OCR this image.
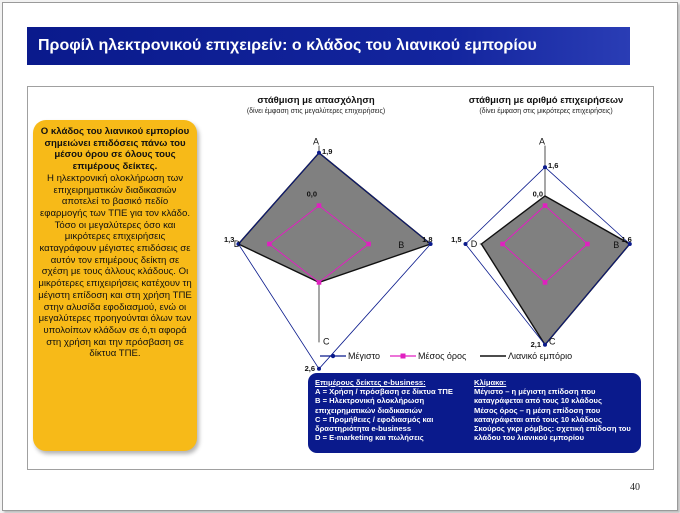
Προφίλ ηλεκτρονικού επιχειρείν: ο κλάδος του λιανικού εμπορίου
Ο κλάδος του λιανικού εμπορίου σημειώνει επιδόσεις πάνω του μέσου όρου σε όλους τους επιμέρους δείκτες.
Η ηλεκτρονική ολοκλήρωση των επιχειρηματικών διαδικασιών αποτελεί το βασικό πεδίο εφαρμογής των ΤΠΕ για τον κλάδο. Τόσο οι μεγαλύτερες όσο και μικρότερες επιχειρήσεις καταγράφουν μέγιστες επιδόσεις σε αυτόν τον επιμέρους δείκτη σε σχέση με τους άλλους κλάδους. Οι μικρότερες επιχειρήσεις κατέχουν τη μέγιστη επίδοση και στη χρήση ΤΠΕ στην αλυσίδα εφοδιασμού, ενώ οι μεγαλύτερες προηγούνται όλων των υπολοίπων κλάδων σε ό,τι αφορά στη χρήση και την πρόσβαση σε δίκτυα ΤΠΕ.
στάθμιση με απασχόληση
(δίνει έμφαση στις μεγαλύτερες επιχειρήσεις)
στάθμιση με αριθμό επιχειρήσεων
(δίνει έμφαση στις μικρότερες επιχειρήσεις)
A
B
C
D
1,9
1,8
2,6
1,3
0,0
A
B
C
D
1,6
1,6
2,1
1,5
0,0
Μέγιστο	Μέσος όρος	Λιανικό εμπόριο
Επιμέρους δείκτες e-business:
Α = Χρήση / πρόσβαση σε δίκτυα ΤΠΕ
Β = Ηλεκτρονική ολοκλήρωση επιχειρηματικών διαδικασιών
C = Προμήθειες / εφοδιασμός και δραστηριότητα e-business
D = E-marketing και πωλήσεις
Κλίμακα:
Μέγιστο – η μέγιστη επίδοση που καταγράφεται από τους 10 κλάδους
Μέσος όρος – η μέση επίδοση που καταγράφεται από τους 10 κλάδους
Σκούρος γκρι ρόμβος: σχετική επίδοση του κλάδου του λιανικού εμπορίου
40
